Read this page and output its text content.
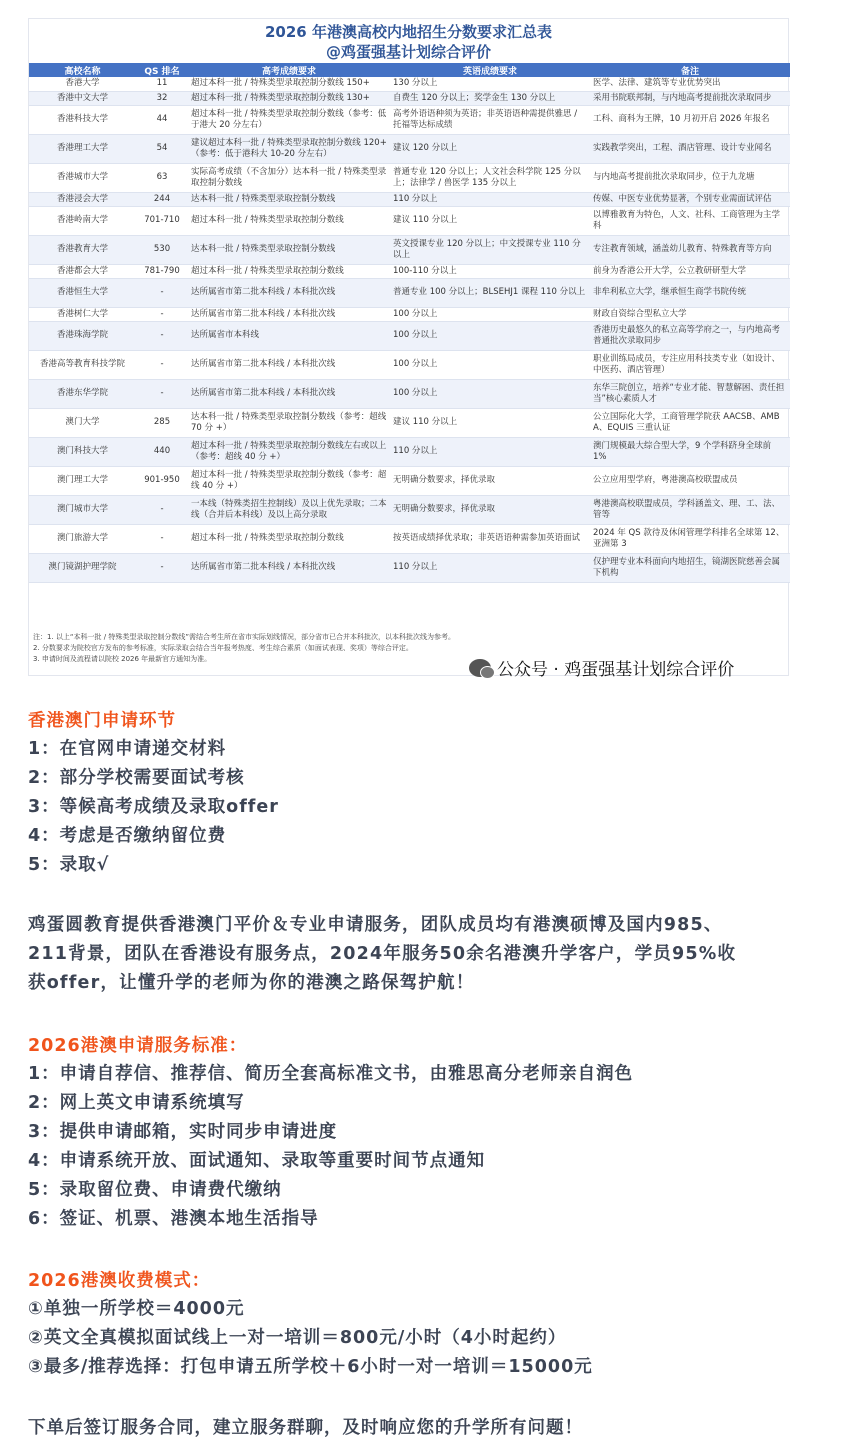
2026 年港澳高校内地招生分数要求汇总表
@鸡蛋强基计划综合评价
高校名称	QS 排名	高考成绩要求	英语成绩要求	备注
香港大学	11	超过本科一批 / 特殊类型录取控制分数线 150+	130 分以上	医学、法律、建筑等专业优势突出
香港中文大学	32	超过本科一批 / 特殊类型录取控制分数线 130+	自费生 120 分以上；奖学金生 130 分以上	采用书院联邦制，与内地高考提前批次录取同步
香港科技大学	44	超过本科一批 / 特殊类型录取控制分数线（参考：低于港大 20 分左右）	高考外语语种须为英语；非英语语种需提供雅思 / 托福等达标成绩	工科、商科为王牌，10 月初开启 2026 年报名
香港理工大学	54	建议超过本科一批 / 特殊类型录取控制分数线 120+（参考：低于港科大 10-20 分左右）	建议 120 分以上	实践教学突出，工程、酒店管理、设计专业闻名
香港城市大学	63	实际高考成绩（不含加分）达本科一批 / 特殊类型录取控制分数线	普通专业 120 分以上；人文社会科学院 125 分以上；法律学 / 兽医学 135 分以上	与内地高考提前批次录取同步，位于九龙塘
香港浸会大学	244	达本科一批 / 特殊类型录取控制分数线	110 分以上	传媒、中医专业优势显著，个别专业需面试评估
香港岭南大学	701-710	超过本科一批 / 特殊类型录取控制分数线	建议 110 分以上	以博雅教育为特色，人文、社科、工商管理为主学科
香港教育大学	530	达本科一批 / 特殊类型录取控制分数线	英文授课专业 120 分以上；中文授课专业 110 分以上	专注教育领域，涵盖幼儿教育、特殊教育等方向
香港都会大学	781-790	超过本科一批 / 特殊类型录取控制分数线	100-110 分以上	前身为香港公开大学，公立教研研型大学
香港恒生大学	-	达所属省市第二批本科线 / 本科批次线	普通专业 100 分以上；BLSEHJ1 课程 110 分以上	非牟利私立大学，继承恒生商学书院传统
香港树仁大学	-	达所属省市第二批本科线 / 本科批次线	100 分以上	财政自资综合型私立大学
香港珠海学院	-	达所属省市本科线	100 分以上	香港历史最悠久的私立高等学府之一，与内地高考普通批次录取同步
香港高等教育科技学院	-	达所属省市第二批本科线 / 本科批次线	100 分以上	职业训练局成员，专注应用科技类专业（如设计、中医药、酒店管理）
香港东华学院	-	达所属省市第二批本科线 / 本科批次线	100 分以上	东华三院创立，培养“专业才能、智慧解困、责任担当”核心素质人才
澳门大学	285	达本科一批 / 特殊类型录取控制分数线（参考：超线 70 分 +）	建议 110 分以上	公立国际化大学，工商管理学院获 AACSB、AMBA、EQUIS 三重认证
澳门科技大学	440	超过本科一批 / 特殊类型录取控制分数线左右或以上（参考：超线 40 分 +）	110 分以上	澳门规模最大综合型大学，9 个学科跻身全球前 1%
澳门理工大学	901-950	超过本科一批 / 特殊类型录取控制分数线（参考：超线 40 分 +）	无明确分数要求，择优录取	公立应用型学府，粤港澳高校联盟成员
澳门城市大学	-	一本线（特殊类招生控制线）及以上优先录取；二本线（合并后本科线）及以上高分录取	无明确分数要求，择优录取	粤港澳高校联盟成员，学科涵盖文、理、工、法、管等
澳门旅游大学	-	超过本科一批 / 特殊类型录取控制分数线	按英语成绩择优录取；非英语语种需参加英语面试	2024 年 QS 款待及休闲管理学科排名全球第 12、亚洲第 3
澳门镜湖护理学院	-	达所属省市第二批本科线 / 本科批次线	110 分以上	仅护理专业本科面向内地招生，镜湖医院慈善会属下机构
注：1. 以上“本科一批 / 特殊类型录取控制分数线”需结合考生所在省市实际划线情况，部分省市已合并本科批次，以本科批次线为参考。
2. 分数要求为院校官方发布的参考标准，实际录取会结合当年报考热度、考生综合素质（如面试表现、奖项）等综合评定。
3. 申请时间及流程请以院校 2026 年最新官方通知为准。
公众号 · 鸡蛋强基计划综合评价
香港澳门申请环节
1：在官网申请递交材料
2：部分学校需要面试考核
3：等候高考成绩及录取offer
4：考虑是否缴纳留位费
5：录取√
鸡蛋圆教育提供香港澳门平价＆专业申请服务，团队成员均有港澳硕博及国内985、
211背景，团队在香港设有服务点，2024年服务50余名港澳升学客户，学员95%收
获offer，让懂升学的老师为你的港澳之路保驾护航！
2026港澳申请服务标准：
1：申请自荐信、推荐信、简历全套高标准文书，由雅思高分老师亲自润色
2：网上英文申请系统填写
3：提供申请邮箱，实时同步申请进度
4：申请系统开放、面试通知、录取等重要时间节点通知
5：录取留位费、申请费代缴纳
6：签证、机票、港澳本地生活指导
2026港澳收费模式：
①单独一所学校＝4000元
②英文全真模拟面试线上一对一培训＝800元/小时（4小时起约）
③最多/推荐选择：打包申请五所学校＋6小时一对一培训＝15000元
下单后签订服务合同，建立服务群聊，及时响应您的升学所有问题！
